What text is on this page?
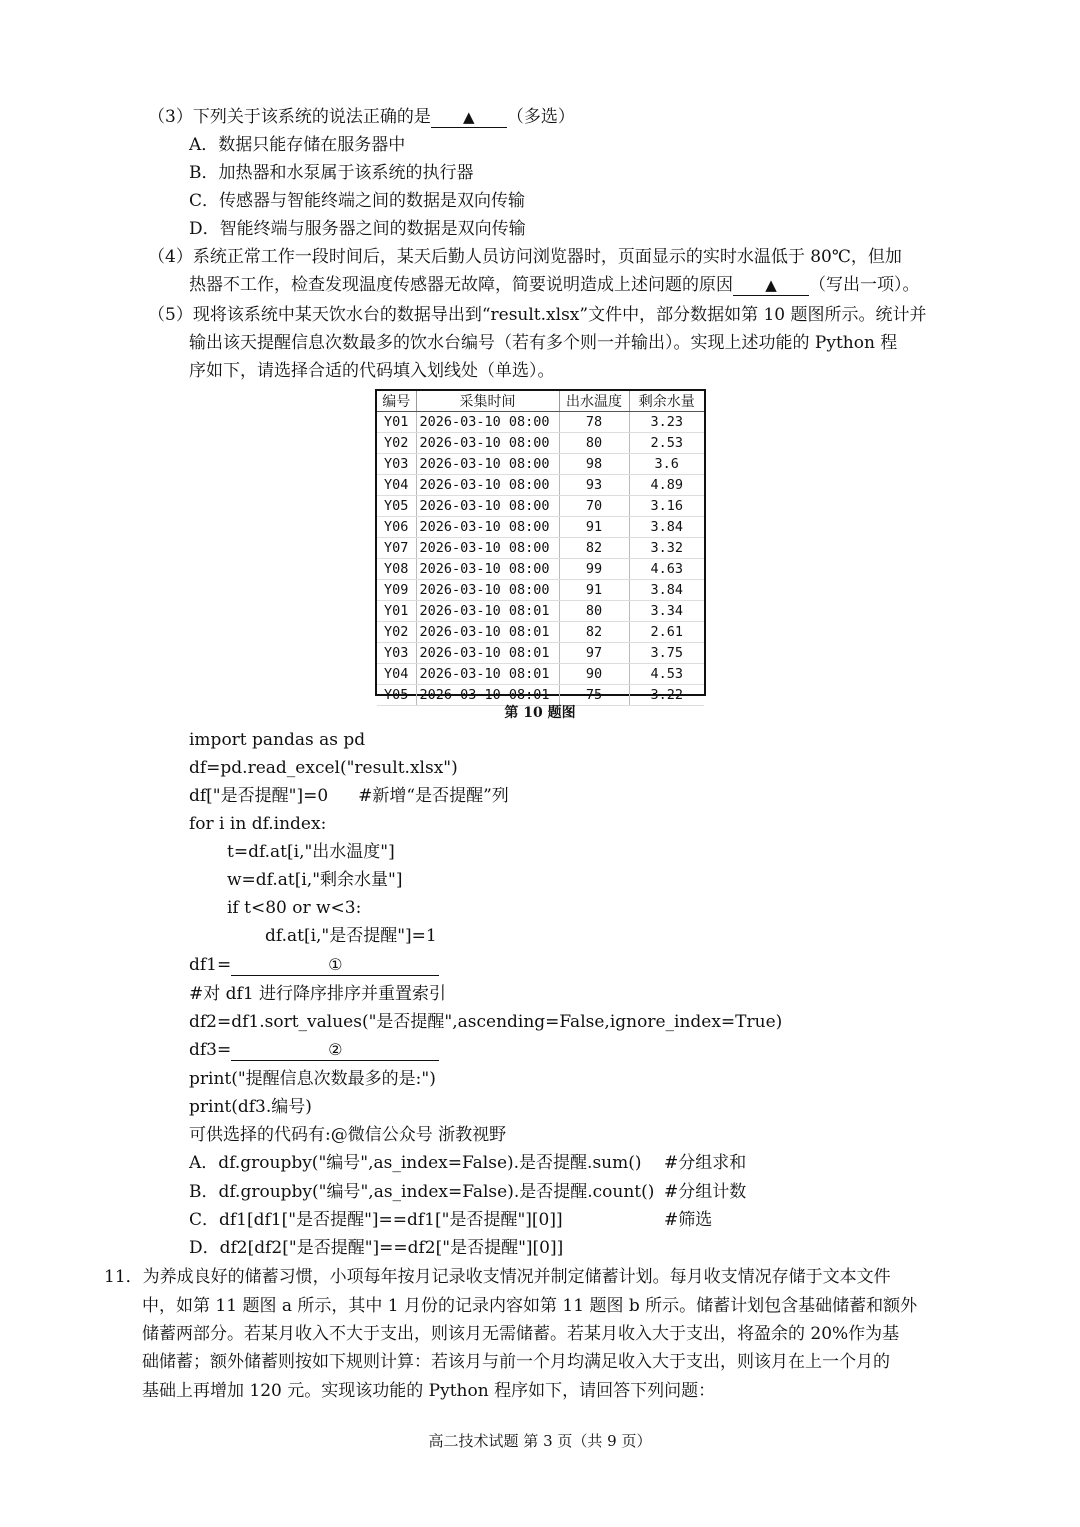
（3）下列关于该系统的说法正确的是 ▲ （多选）
A．数据只能存储在服务器中
B．加热器和水泵属于该系统的执行器
C．传感器与智能终端之间的数据是双向传输
D．智能终端与服务器之间的数据是双向传输
（4）系统正常工作一段时间后，某天后勤人员访问浏览器时，页面显示的实时水温低于 80℃，但加
热器不工作，检查发现温度传感器无故障，简要说明造成上述问题的原因 ▲ （写出一项）。
（5）现将该系统中某天饮水台的数据导出到“result.xlsx”文件中，部分数据如第 10 题图所示。统计并
输出该天提醒信息次数最多的饮水台编号（若有多个则一并输出）。实现上述功能的 Python 程
序如下，请选择合适的代码填入划线处（单选）。
编号	采集时间	出水温度	剩余水量
Y01	2026-03-10 08:00	78	3.23
Y02	2026-03-10 08:00	80	2.53
Y03	2026-03-10 08:00	98	3.6
Y04	2026-03-10 08:00	93	4.89
Y05	2026-03-10 08:00	70	3.16
Y06	2026-03-10 08:00	91	3.84
Y07	2026-03-10 08:00	82	3.32
Y08	2026-03-10 08:00	99	4.63
Y09	2026-03-10 08:00	91	3.84
Y01	2026-03-10 08:01	80	3.34
Y02	2026-03-10 08:01	82	2.61
Y03	2026-03-10 08:01	97	3.75
Y04	2026-03-10 08:01	90	4.53
Y05	2026-03-10 08:01	75	3.22
第 10 题图
import pandas as pd
df=pd.read_excel("result.xlsx")
df["是否提醒"]=0 #新增“是否提醒”列
for i in df.index:
t=df.at[i,"出水温度"]
w=df.at[i,"剩余水量"]
if t<80 or w<3:
df.at[i,"是否提醒"]=1
df1=	①
#对 df1 进行降序排序并重置索引
df2=df1.sort_values("是否提醒",ascending=False,ignore_index=True)
df3=	②
print("提醒信息次数最多的是:")
print(df3.编号)
可供选择的代码有:@微信公众号 浙教视野
A．df.groupby("编号",as_index=False).是否提醒.sum() #分组求和
B．df.groupby("编号",as_index=False).是否提醒.count() #分组计数
C．df1[df1["是否提醒"]==df1["是否提醒"][0]]	#筛选
D．df2[df2["是否提醒"]==df2["是否提醒"][0]]
11．为养成良好的储蓄习惯，小项每年按月记录收支情况并制定储蓄计划。每月收支情况存储于文本文件
中，如第 11 题图 a 所示，其中 1 月份的记录内容如第 11 题图 b 所示。储蓄计划包含基础储蓄和额外
储蓄两部分。若某月收入不大于支出，则该月无需储蓄。若某月收入大于支出，将盈余的 20%作为基
础储蓄；额外储蓄则按如下规则计算：若该月与前一个月均满足收入大于支出，则该月在上一个月的
基础上再增加 120 元。实现该功能的 Python 程序如下，请回答下列问题：
高二技术试题 第 3 页（共 9 页）
